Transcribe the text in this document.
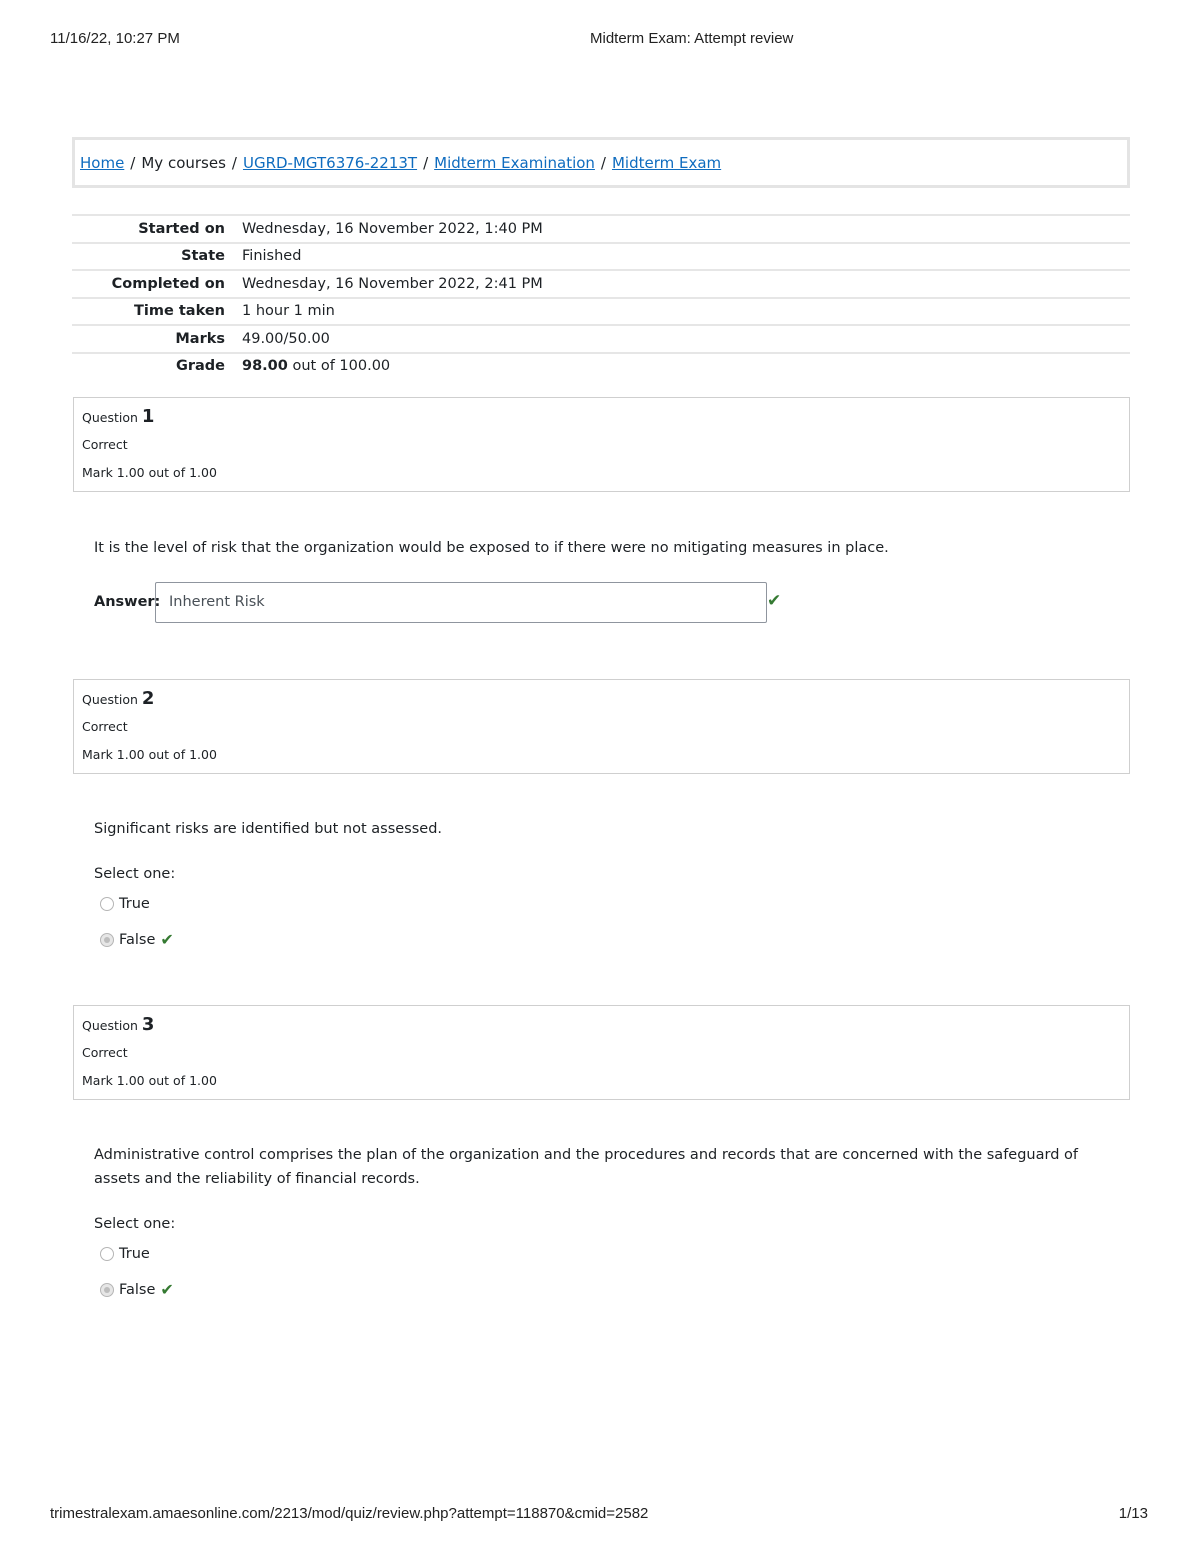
11/16/22, 10:27 PM	Midterm Exam: Attempt review
Home / My courses / UGRD-MGT6376-2213T / Midterm Examination / Midterm Exam
Started on	Wednesday, 16 November 2022, 1:40 PM
State	Finished
Completed on	Wednesday, 16 November 2022, 2:41 PM
Time taken	1 hour 1 min
Marks	49.00/50.00
Grade	98.00 out of 100.00
Question 1
Correct
Mark 1.00 out of 1.00
It is the level of risk that the organization would be exposed to if there were no mitigating measures in place.
Answer: Inherent Risk	✔
Question 2
Correct
Mark 1.00 out of 1.00
Significant risks are identified but not assessed.
Select one:
True
False ✔
Question 3
Correct
Mark 1.00 out of 1.00
Administrative control comprises the plan of the organization and the procedures and records that are concerned with the safeguard of
assets and the reliability of financial records.
Select one:
True
False ✔
trimestralexam.amaesonline.com/2213/mod/quiz/review.php?attempt=118870&cmid=2582	1/13
